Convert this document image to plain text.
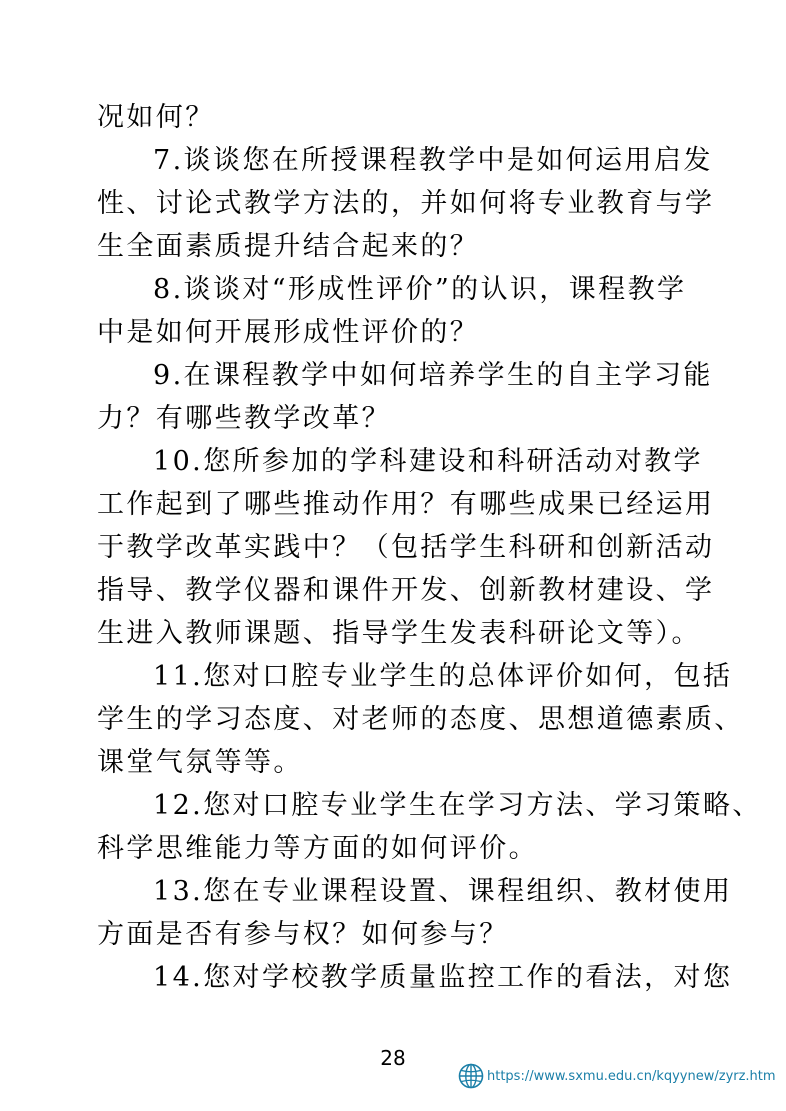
况如何？
7.谈谈您在所授课程教学中是如何运用启发
性、讨论式教学方法的，并如何将专业教育与学
生全面素质提升结合起来的？
8.谈谈对“形成性评价”的认识，课程教学
中是如何开展形成性评价的？
9.在课程教学中如何培养学生的自主学习能
力？有哪些教学改革？
10.您所参加的学科建设和科研活动对教学
工作起到了哪些推动作用？有哪些成果已经运用
于教学改革实践中？（包括学生科研和创新活动
指导、教学仪器和课件开发、创新教材建设、学
生进入教师课题、指导学生发表科研论文等）。
11.您对口腔专业学生的总体评价如何，包括
学生的学习态度、对老师的态度、思想道德素质、
课堂气氛等等。
12.您对口腔专业学生在学习方法、学习策略、
科学思维能力等方面的如何评价。
13.您在专业课程设置、课程组织、教材使用
方面是否有参与权？如何参与？
14.您对学校教学质量监控工作的看法，对您
28
https://www.sxmu.edu.cn/kqyynew/zyrz.htm
